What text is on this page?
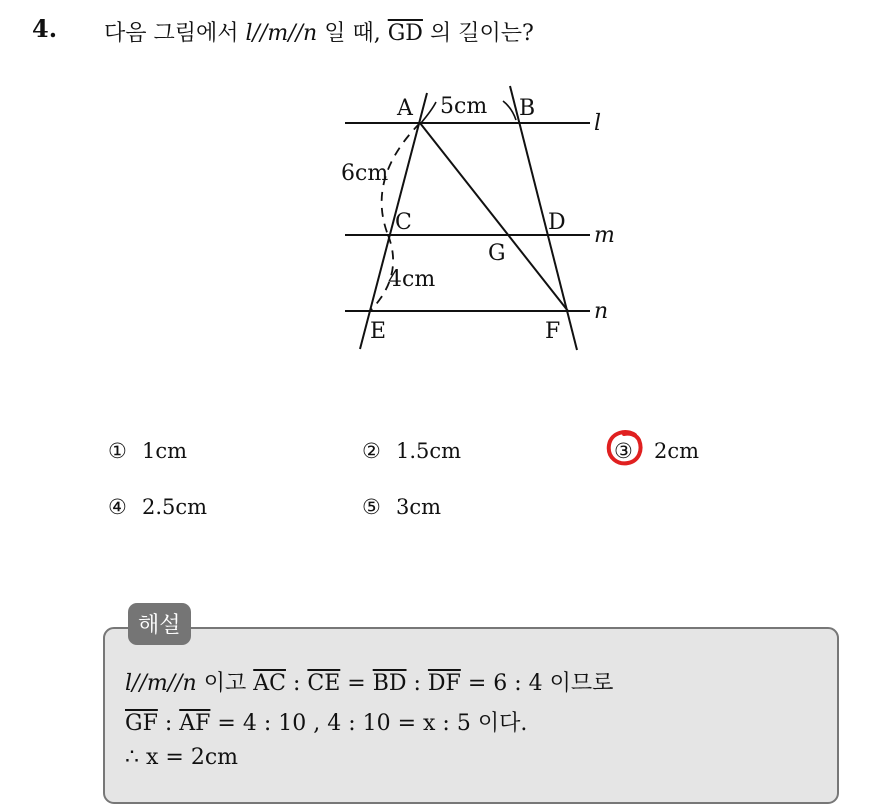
4. 다음 그림에서 l//m//n 일 때, $\overline{GD}$ 의 길이는?
l
m
n
A	B
C	D
G
E	F
5cm
6cm
4cm
① 1cm	② 1.5cm	③	2cm
④ 2.5cm	⑤ 3cm
해설
l//m//n 이고 $\overline{AC}$ : $\overline{CE} = \overline{BD}$ : $\overline{DF} = 6$ : 4 이므로
$\overline{GF}$ : $\overline{AF} = 4$ : 10 , 4 : 10 = x : 5 이다.
∴ x = 2cm
